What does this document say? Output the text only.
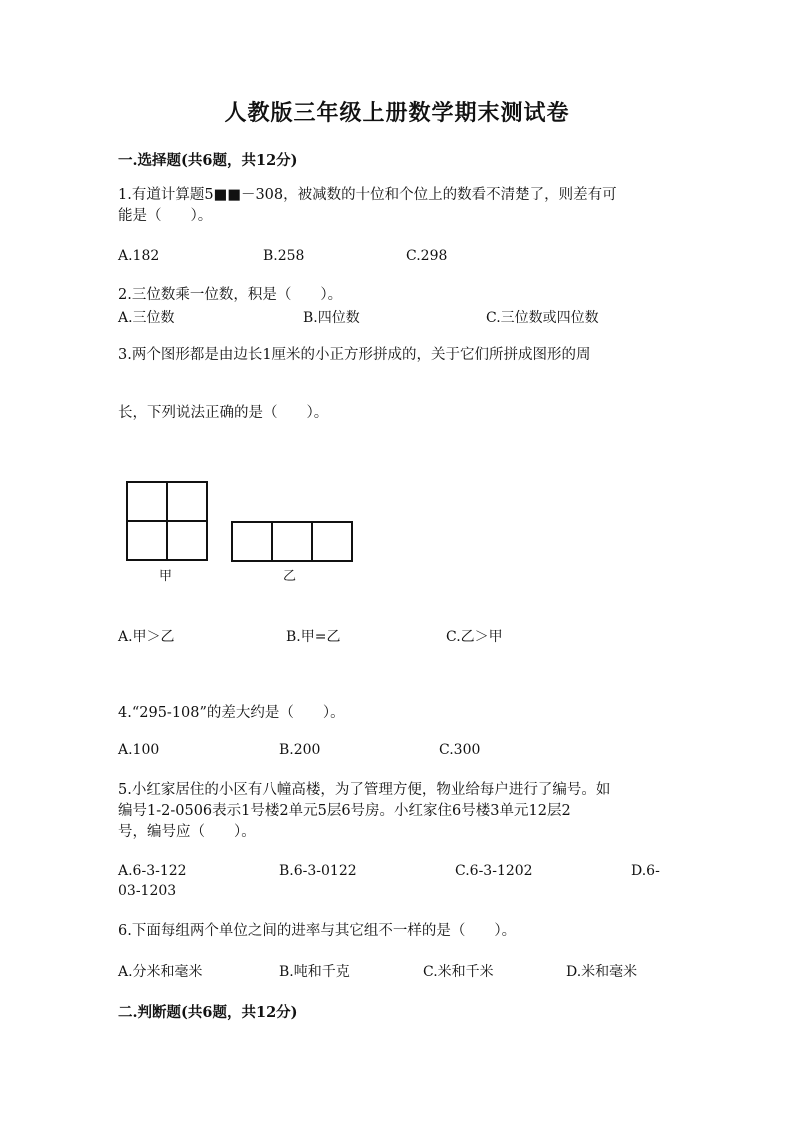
人教版三年级上册数学期末测试卷
一.选择题(共6题，共12分)
1.有道计算题5■■－308，被减数的十位和个位上的数看不清楚了，则差有可
能是（　　）。
A.182	B.258	C.298
2.三位数乘一位数，积是（　　）。
A.三位数	B.四位数	C.三位数或四位数
3.两个图形都是由边长1厘米的小正方形拼成的，关于它们所拼成图形的周
长，下列说法正确的是（　　）。
甲	乙
A.甲＞乙	B.甲=乙	C.乙＞甲
4.“295-108”的差大约是（　　）。
A.100	B.200	C.300
5.小红家居住的小区有八幢高楼，为了管理方便，物业给每户进行了编号。如
编号1-2-0506表示1号楼2单元5层6号房。小红家住6号楼3单元12层2
号，编号应（　　）。
A.6-3-122	B.6-3-0122	C.6-3-1202	D.6-
03-1203
6.下面每组两个单位之间的进率与其它组不一样的是（　　）。
A.分米和毫米	B.吨和千克	C.米和千米	D.米和毫米
二.判断题(共6题，共12分)
